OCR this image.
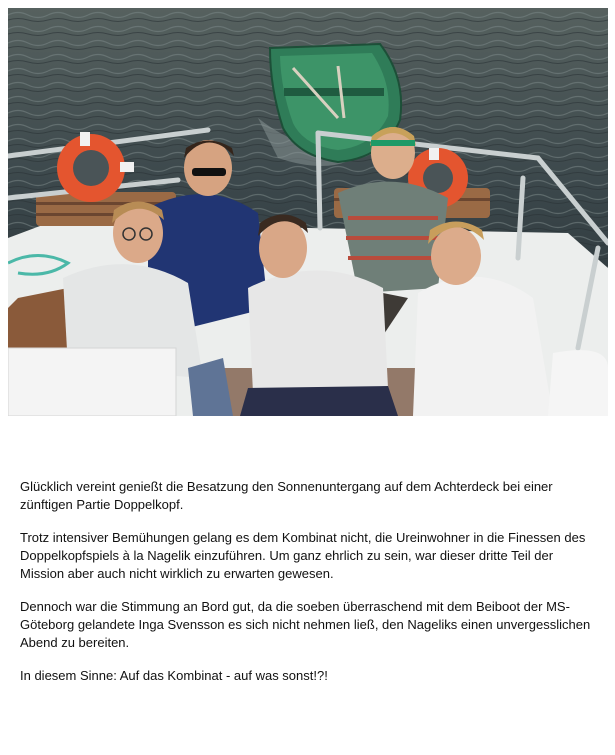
Glücklich vereint genießt die Besatzung den Sonnenuntergang auf dem Achterdeck bei einer zünftigen Partie Doppelkopf.

Trotz intensiver Bemühungen gelang es dem Kombinat nicht, die Ureinwohner in die Finessen des Doppelkopfspiels à la Nagelik einzuführen. Um ganz ehrlich zu sein, war dieser dritte Teil der Mission aber auch nicht wirklich zu erwarten gewesen.

Dennoch war die Stimmung an Bord gut, da die soeben überraschend mit dem Beiboot der MS-Göteborg gelandete Inga Svensson es sich nicht nehmen ließ, den Nageliks einen unvergesslichen Abend zu bereiten.

In diesem Sinne: Auf das Kombinat - auf was sonst!?!
